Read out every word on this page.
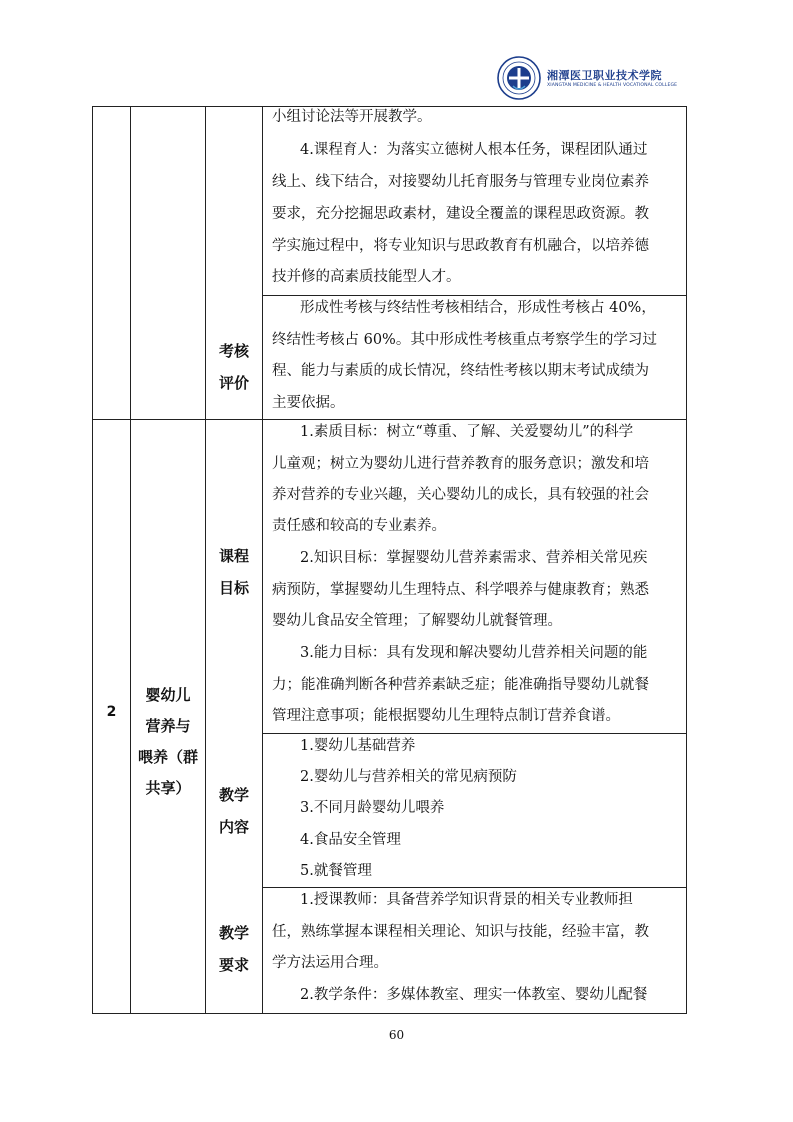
湘潭医卫职业技术学院
XIANGTAN MEDICINE & HEALTH VOCATIONAL COLLEGE
小组讨论法等开展教学。
4.课程育人：为落实立德树人根本任务，课程团队通过
线上、线下结合，对接婴幼儿托育服务与管理专业岗位素养
要求，充分挖掘思政素材，建设全覆盖的课程思政资源。教
学实施过程中，将专业知识与思政教育有机融合，以培养德
技并修的高素质技能型人才。
考核
评价
形成性考核与终结性考核相结合，形成性考核占 40%，
终结性考核占 60%。其中形成性考核重点考察学生的学习过
程、能力与素质的成长情况，终结性考核以期末考试成绩为
主要依据。
2
婴幼儿
营养与
喂养（群
共享）
课程
目标
1.素质目标：树立“尊重、了解、关爱婴幼儿”的科学
儿童观；树立为婴幼儿进行营养教育的服务意识；激发和培
养对营养的专业兴趣，关心婴幼儿的成长，具有较强的社会
责任感和较高的专业素养。
2.知识目标：掌握婴幼儿营养素需求、营养相关常见疾
病预防，掌握婴幼儿生理特点、科学喂养与健康教育；熟悉
婴幼儿食品安全管理；了解婴幼儿就餐管理。
3.能力目标：具有发现和解决婴幼儿营养相关问题的能
力；能准确判断各种营养素缺乏症；能准确指导婴幼儿就餐
管理注意事项；能根据婴幼儿生理特点制订营养食谱。
教学
内容
1.婴幼儿基础营养
2.婴幼儿与营养相关的常见病预防
3.不同月龄婴幼儿喂养
4.食品安全管理
5.就餐管理
教学
要求
1.授课教师：具备营养学知识背景的相关专业教师担
任，熟练掌握本课程相关理论、知识与技能，经验丰富，教
学方法运用合理。
2.教学条件：多媒体教室、理实一体教室、婴幼儿配餐
60
